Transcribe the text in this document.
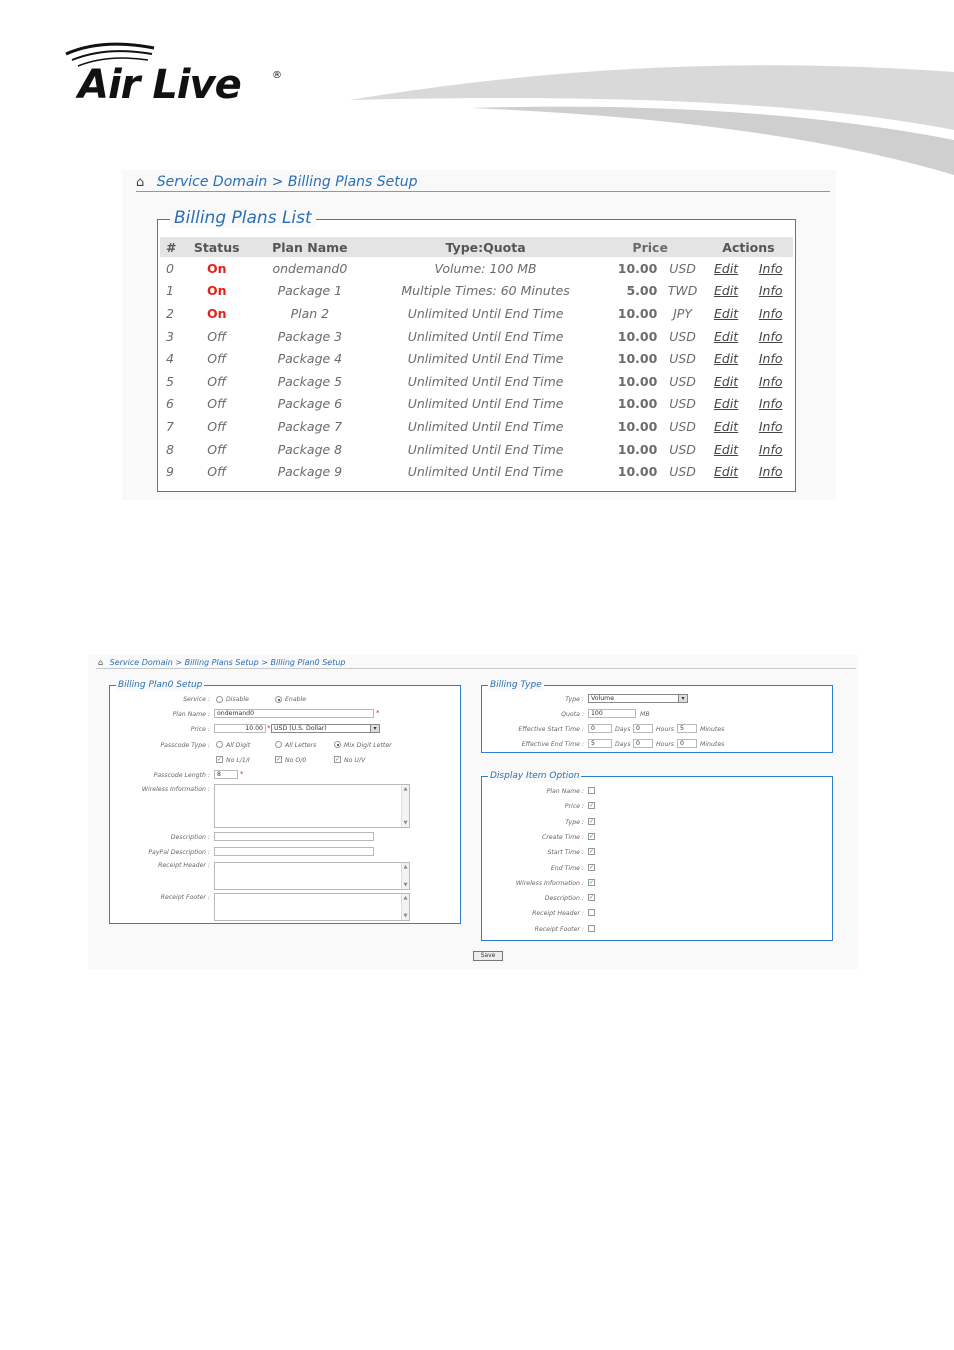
Air Live	®
⌂ Service Domain > Billing Plans Setup
Billing Plans List
#	Status	Plan Name	Type:Quota	Price		Actions	
0	On	ondemand0	Volume: 100 MB	10.00	USD	Edit	Info
1	On	Package 1	Multiple Times: 60 Minutes	5.00	TWD	Edit	Info
2	On	Plan 2	Unlimited Until End Time	10.00	JPY	Edit	Info
3	Off	Package 3	Unlimited Until End Time	10.00	USD	Edit	Info
4	Off	Package 4	Unlimited Until End Time	10.00	USD	Edit	Info
5	Off	Package 5	Unlimited Until End Time	10.00	USD	Edit	Info
6	Off	Package 6	Unlimited Until End Time	10.00	USD	Edit	Info
7	Off	Package 7	Unlimited Until End Time	10.00	USD	Edit	Info
8	Off	Package 8	Unlimited Until End Time	10.00	USD	Edit	Info
9	Off	Package 9	Unlimited Until End Time	10.00	USD	Edit	Info
⌂ Service Domain > Billing Plans Setup > Billing Plan0 Setup
Billing Plan0 Setup
Service :	Disable	Enable
Plan Name :	ondemand0	*
Price :	10.00 * USD (U.S. Dollar)	▾
Passcode Type :	All Digit	All Letters	Mix Digit Letter
✓ No L/1/I	✓ No O/0	✓ No U/V
Passcode Length :	8	*
Wireless Information :	▲
▼
Description :
PayPal Description :
Receipt Header :	▲
▼
Receipt Footer :	▲
▼
Billing Type
Type :	Volume	▾
Quota :	100	MB
Effective Start Time :	0	Days 0	Hours 5	Minutes
Effective End Time :	5	Days 0	Hours 0	Minutes
Display Item Option
Plan Name :
Price : ✓
Type : ✓
Create Time : ✓
Start Time : ✓
End Time : ✓
Wireless Information : ✓
Description : ✓
Receipt Header :
Receipt Footer :
Save
